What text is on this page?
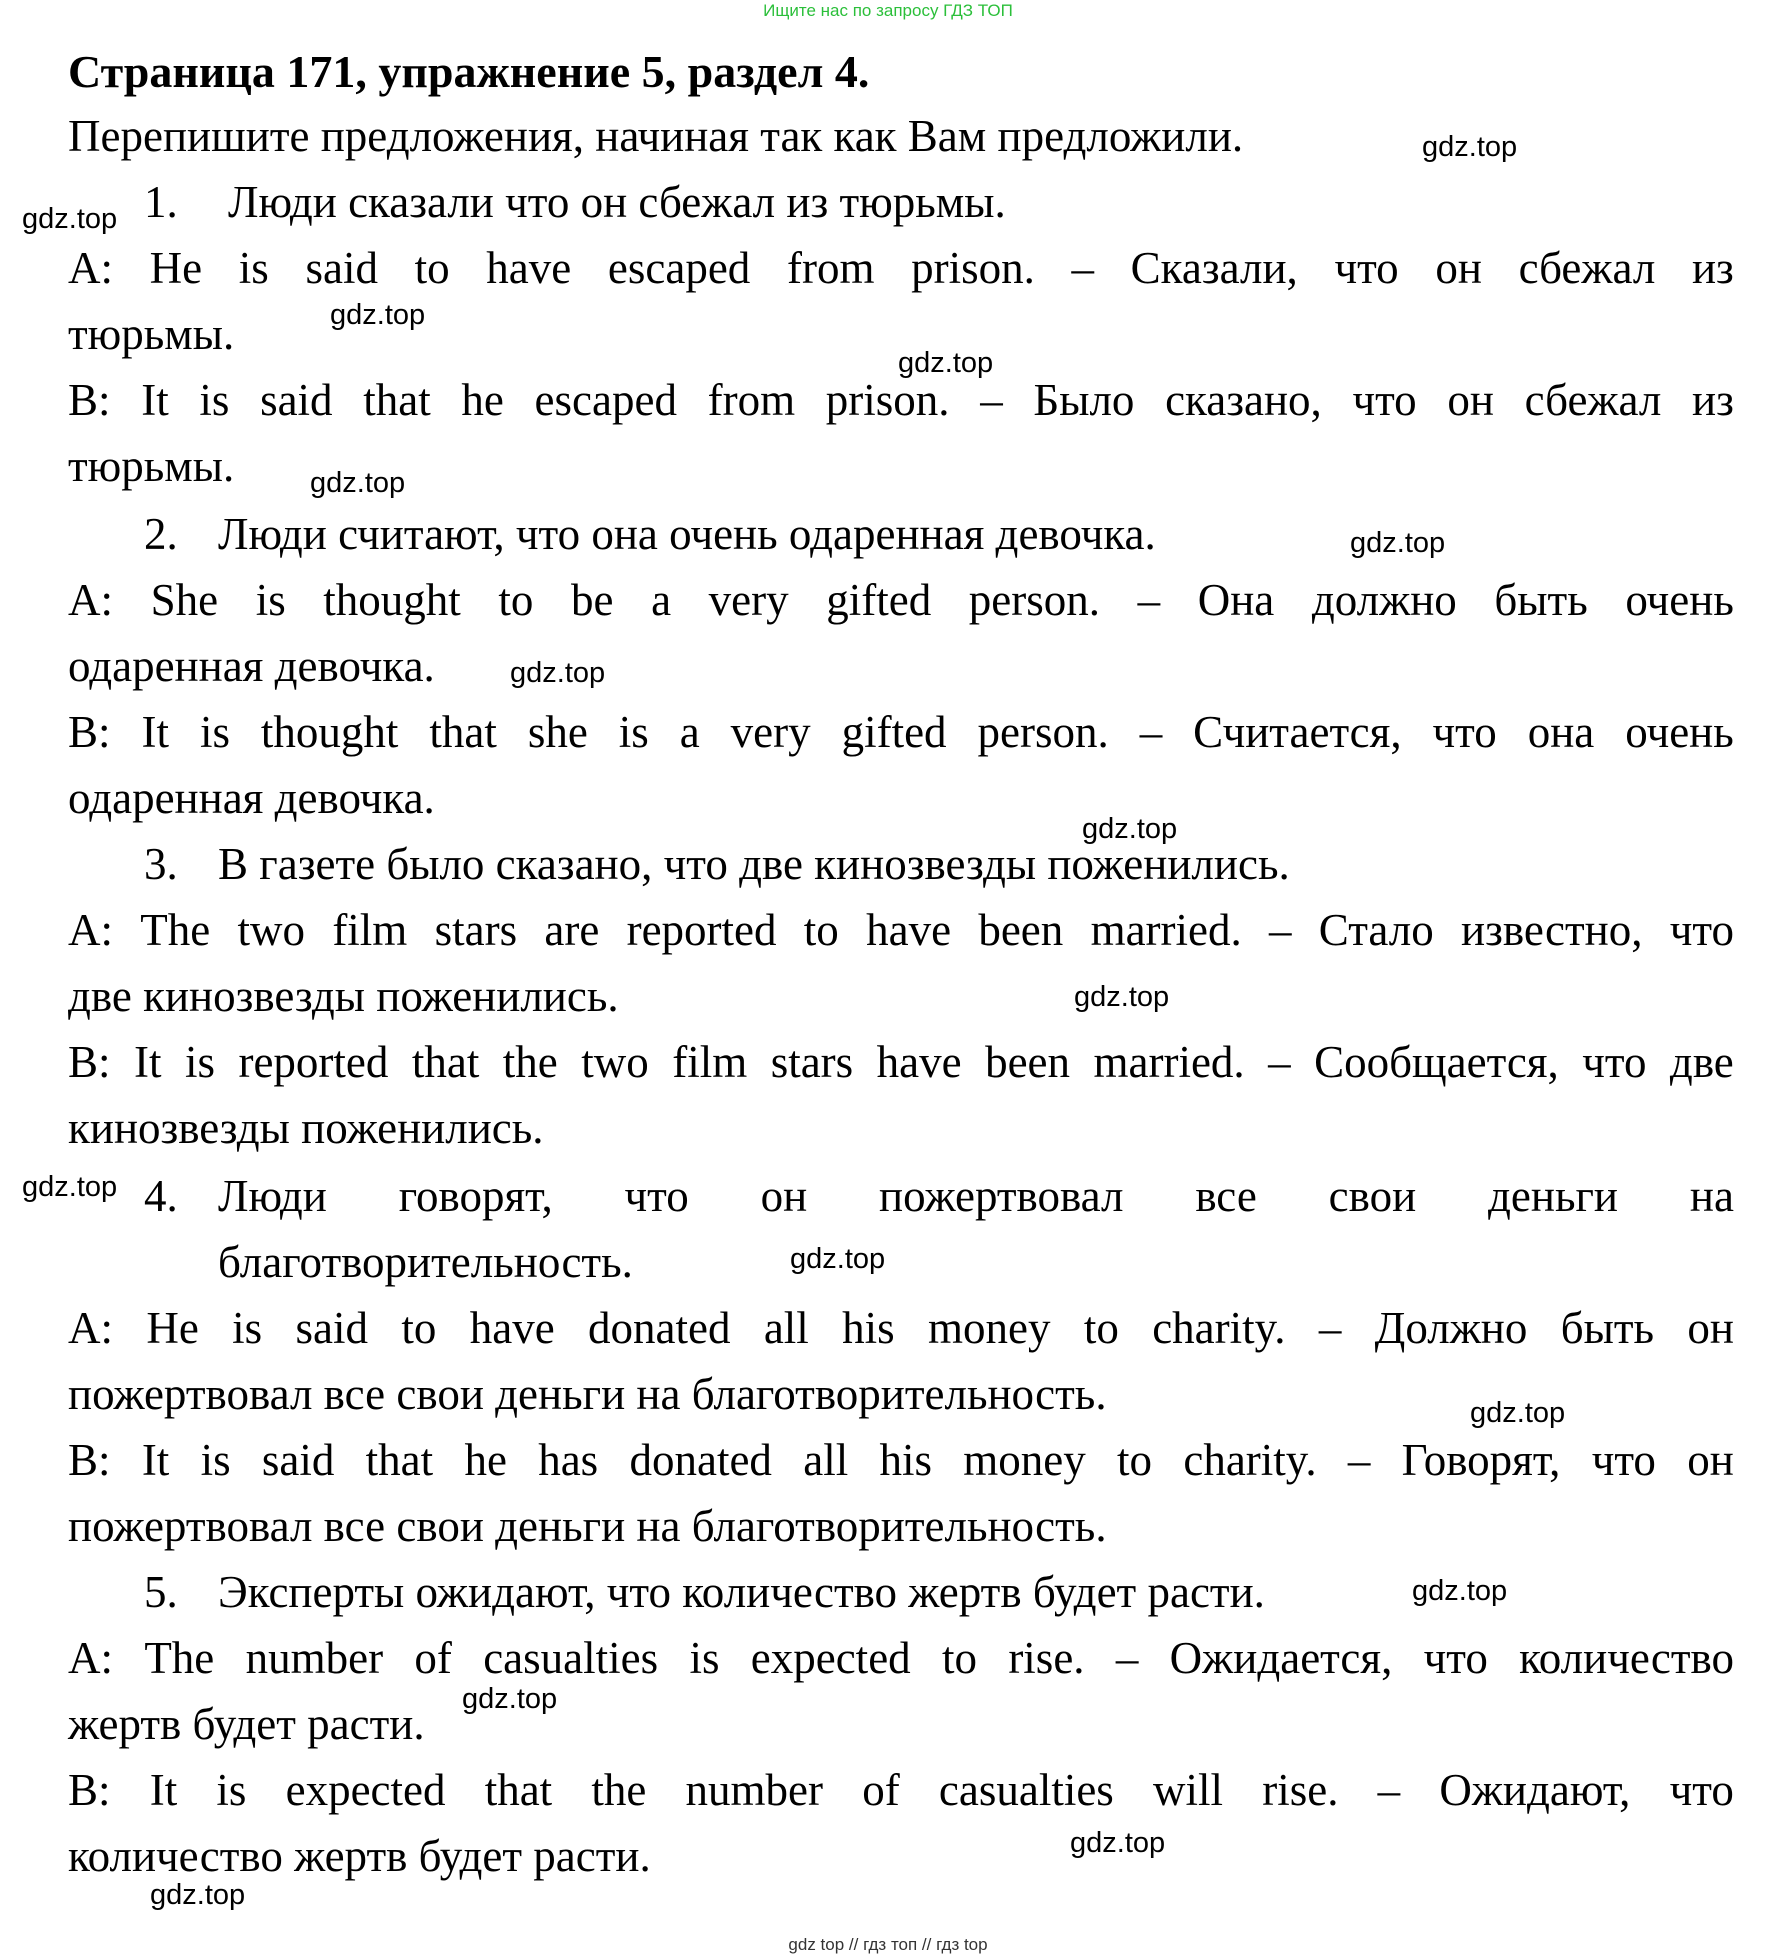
Ищите нас по запросу ГДЗ ТОП
Страница 171, упражнение 5, раздел 4.
Перепишите предложения, начиная так как Вам предложили.
1. Люди сказали что он сбежал из тюрьмы.
A: He is said to have escaped from prison. – Сказали, что он сбежал из
тюрьмы.
B: It is said that he escaped from prison. – Было сказано, что он сбежал из
тюрьмы.
2. Люди считают, что она очень одаренная девочка.
A: She is thought to be a very gifted person. – Она должно быть очень
одаренная девочка.
B: It is thought that she is a very gifted person. – Считается, что она очень
одаренная девочка.
3. В газете было сказано, что две кинозвезды поженились.
A: The two film stars are reported to have been married. – Стало известно, что
две кинозвезды поженились.
B: It is reported that the two film stars have been married. – Сообщается, что две
кинозвезды поженились.
4. Люди говорят, что он пожертвовал все свои деньги на
благотворительность.
A: He is said to have donated all his money to charity. – Должно быть он
пожертвовал все свои деньги на благотворительность.
B: It is said that he has donated all his money to charity. – Говорят, что он
пожертвовал все свои деньги на благотворительность.
5. Эксперты ожидают, что количество жертв будет расти.
A: The number of casualties is expected to rise. – Ожидается, что количество
жертв будет расти.
B: It is expected that the number of casualties will rise. – Ожидают, что
количество жертв будет расти.
gdz.top
gdz.top
gdz.top
gdz.top
gdz.top
gdz.top
gdz.top
gdz.top
gdz.top
gdz.top
gdz.top
gdz.top
gdz.top
gdz.top
gdz.top
gdz.top
gdz top // гдз топ // гдз top
